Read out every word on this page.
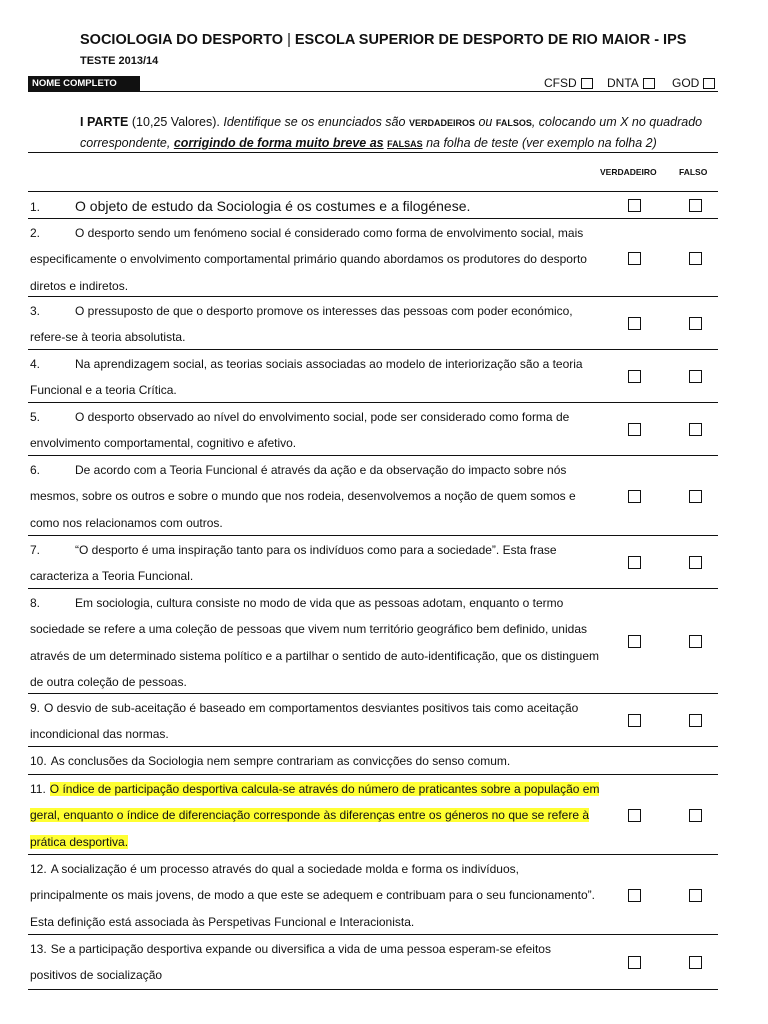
SOCIOLOGIA DO DESPORTO | ESCOLA SUPERIOR DE DESPORTO DE RIO MAIOR - IPS
TESTE 2013/14
NOME COMPLETO	CFSD	DNTA	GOD
I PARTE (10,25 Valores). Identifique se os enunciados são VERDADEIROS ou FALSOS, colocando um X no quadrado correspondente, corrigindo de forma muito breve as FALSAS na folha de teste (ver exemplo na folha 2)
VERDADEIRO	FALSO
1. O objeto de estudo da Sociologia é os costumes e a filogénese.
2.	O desporto sendo um fenómeno social é considerado como forma de envolvimento social, mais especificamente o envolvimento comportamental primário quando abordamos os produtores do desporto diretos e indiretos.
3.	O pressuposto de que o desporto promove os interesses das pessoas com poder económico, refere-se à teoria absolutista.
4.	Na aprendizagem social, as teorias sociais associadas ao modelo de interiorização são a teoria Funcional e a teoria Crítica.
5.	O desporto observado ao nível do envolvimento social, pode ser considerado como forma de envolvimento comportamental, cognitivo e afetivo.
6.	De acordo com a Teoria Funcional é através da ação e da observação do impacto sobre nós mesmos, sobre os outros e sobre o mundo que nos rodeia, desenvolvemos a noção de quem somos e como nos relacionamos com outros.
7.	“O desporto é uma inspiração tanto para os indivíduos como para a sociedade”. Esta frase caracteriza a Teoria Funcional.
8.	Em sociologia, cultura consiste no modo de vida que as pessoas adotam, enquanto o termo sociedade se refere a uma coleção de pessoas que vivem num território geográfico bem definido, unidas através de um determinado sistema político e a partilhar o sentido de auto-identificação, que os distinguem de outra coleção de pessoas.
9. O desvio de sub-aceitação é baseado em comportamentos desviantes positivos tais como aceitação incondicional das normas.
10. As conclusões da Sociologia nem sempre contrariam as convicções do senso comum.
11. O índice de participação desportiva calcula-se através do número de praticantes sobre a população em geral, enquanto o índice de diferenciação corresponde às diferenças entre os géneros no que se refere à prática desportiva.
12. A socialização é um processo através do qual a sociedade molda e forma os indivíduos, principalmente os mais jovens, de modo a que este se adequem e contribuam para o seu funcionamento”. Esta definição está associada às Perspetivas Funcional e Interacionista.
13. Se a participação desportiva expande ou diversifica a vida de uma pessoa esperam-se efeitos positivos de socialização
